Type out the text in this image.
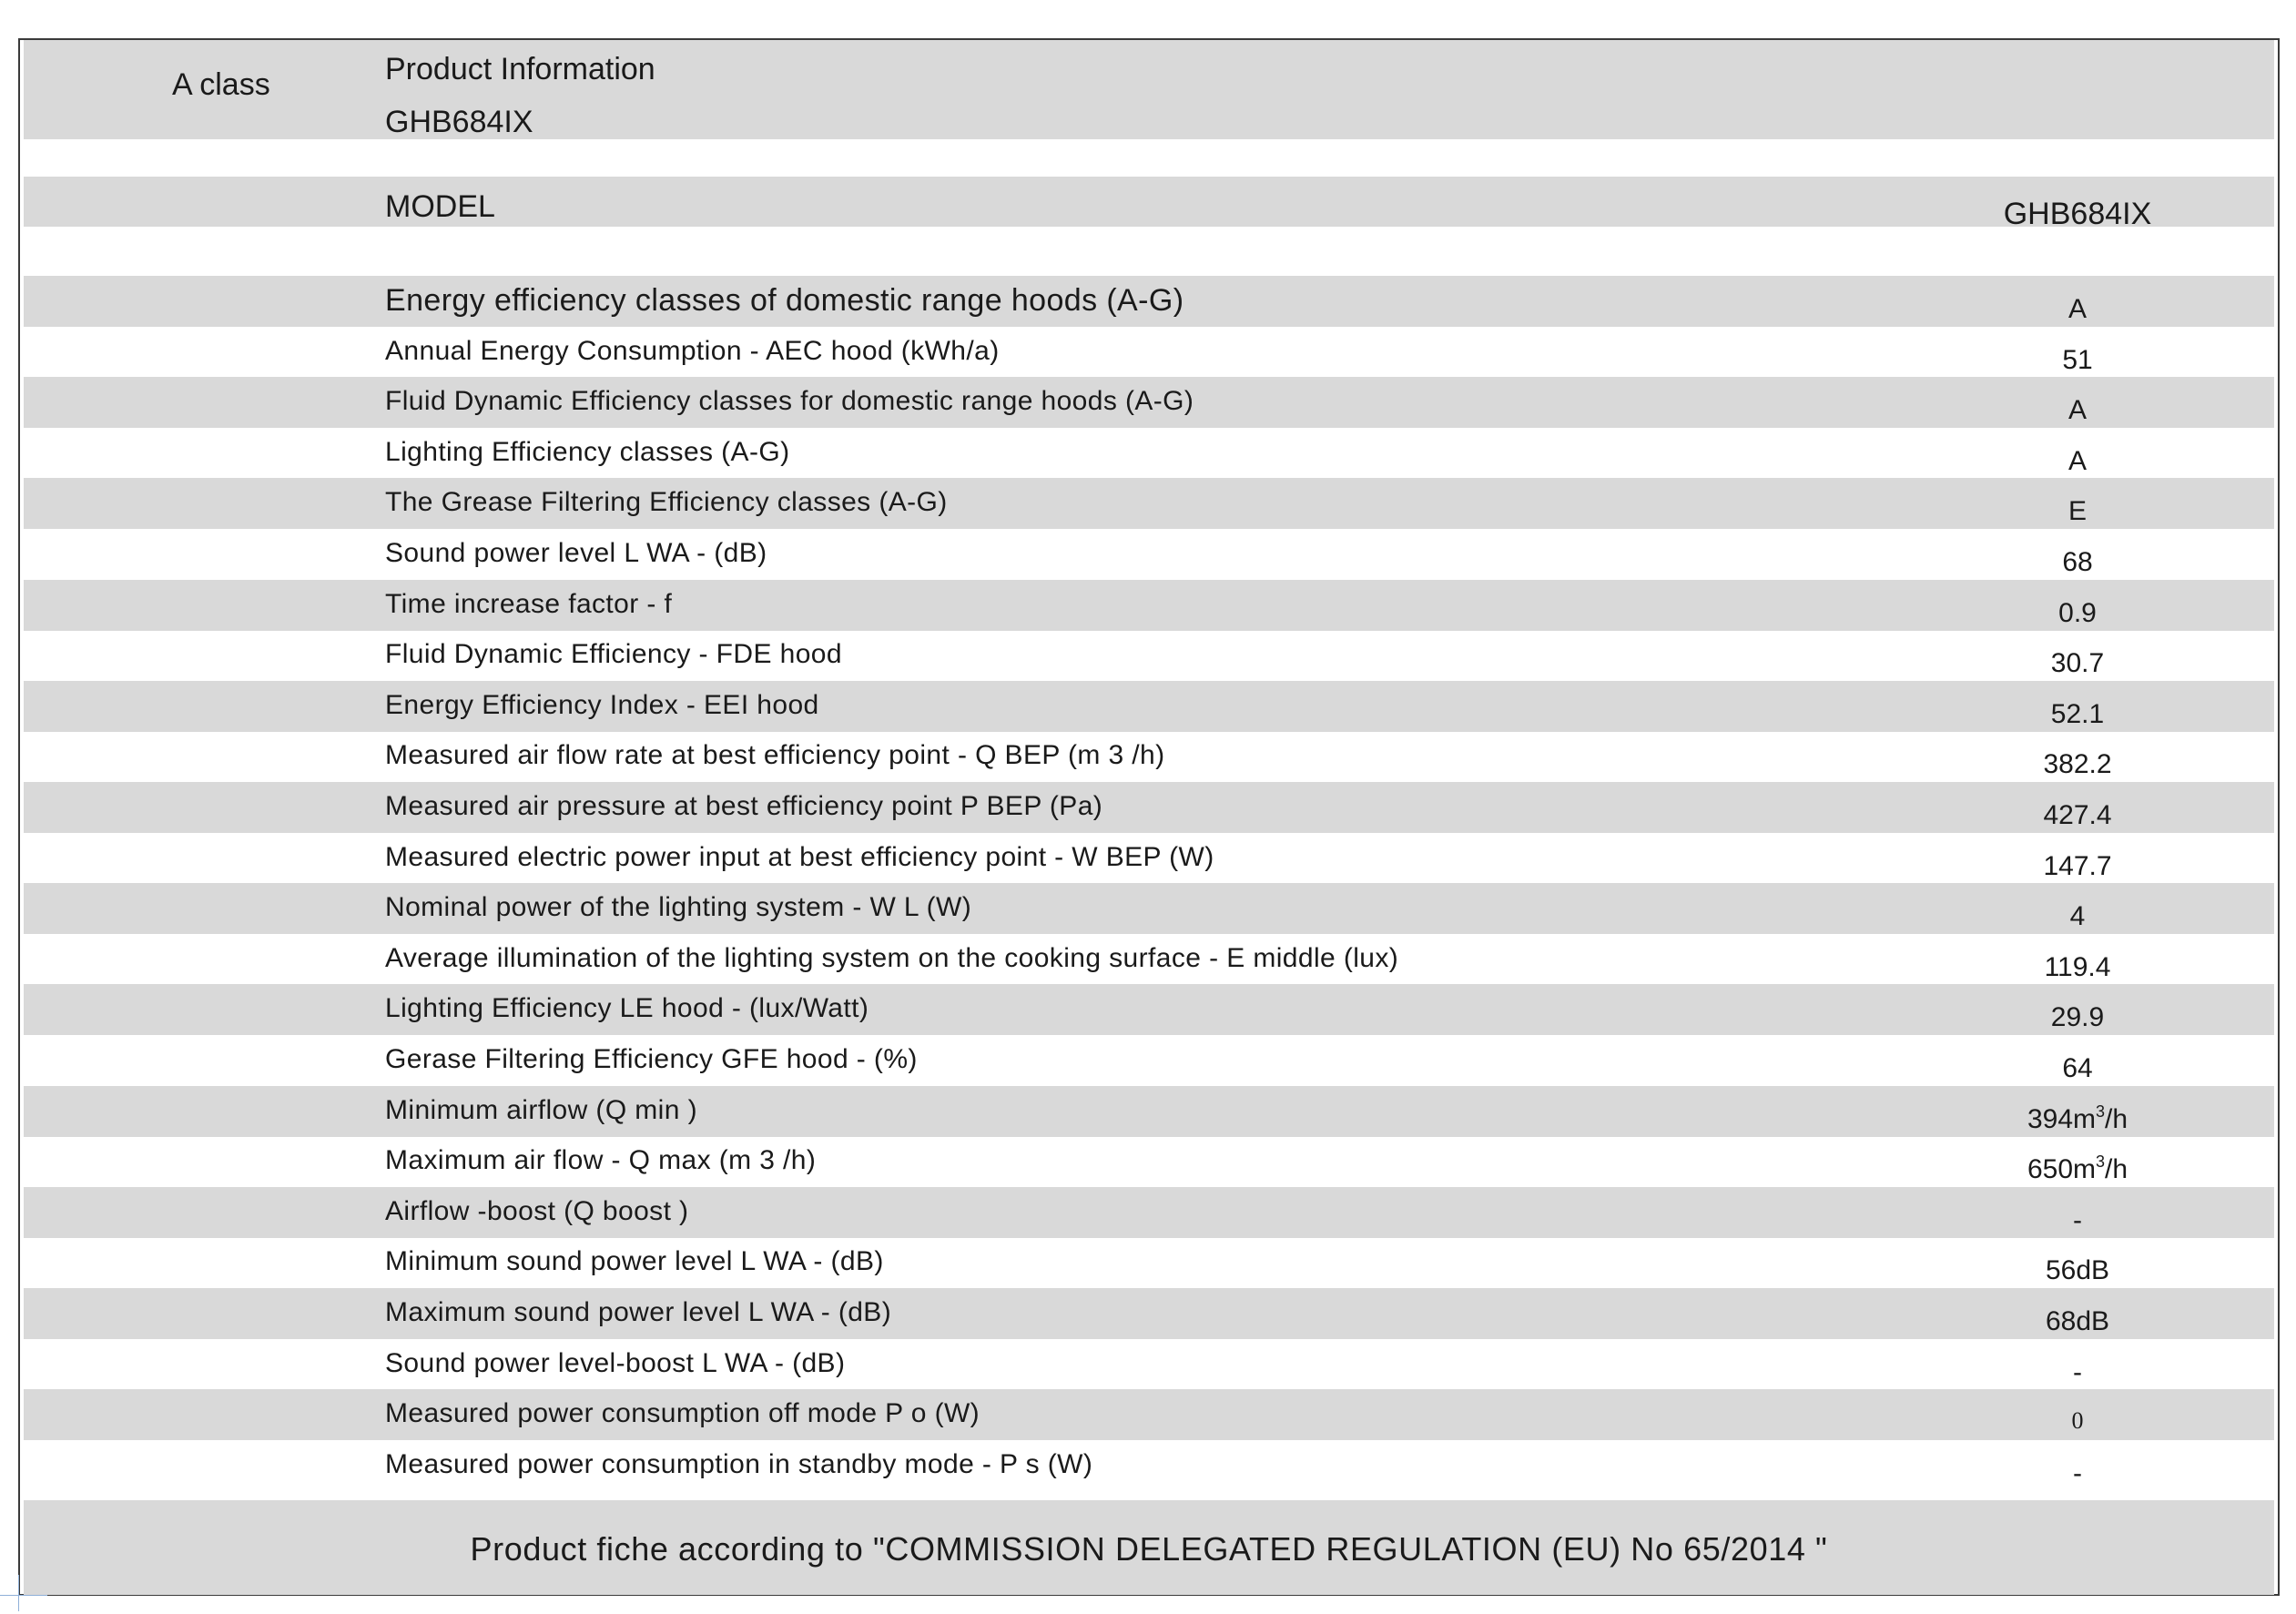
A class	Product Information
GHB684IX
MODEL	GHB684IX
Energy efficiency classes of domestic range hoods (A-G)	A
Annual Energy Consumption - AEC hood (kWh/a)	51
Fluid Dynamic Efficiency classes for domestic range hoods (A-G)	A
Lighting Efficiency classes (A-G)	A
The Grease Filtering Efficiency classes (A-G)	E
Sound power level L WA - (dB)	68
Time increase factor - f	0.9
Fluid Dynamic Efficiency - FDE hood	30.7
Energy Efficiency Index - EEI hood	52.1
Measured air flow rate at best efficiency point - Q BEP (m 3 /h)	382.2
Measured air pressure at best efficiency point P BEP (Pa)	427.4
Measured electric power input at best efficiency point - W BEP (W)	147.7
Nominal power of the lighting system - W L (W)	4
Average illumination of the lighting system on the cooking surface - E middle (lux)	119.4
Lighting Efficiency LE hood - (lux/Watt)	29.9
Gerase Filtering Efficiency GFE hood - (%)	64
Minimum airflow (Q min )	$394m^3/h$
Maximum air flow - Q max (m 3 /h)	$650m^3/h$
Airflow -boost (Q boost )	-
Minimum sound power level L WA - (dB)	56dB
Maximum sound power level L WA - (dB)	68dB
Sound power level-boost L WA - (dB)	-
Measured power consumption off mode P o (W)	0
Measured power consumption in standby mode - P s (W)	-
Product fiche according to "COMMISSION DELEGATED REGULATION (EU) No 65/2014 "
